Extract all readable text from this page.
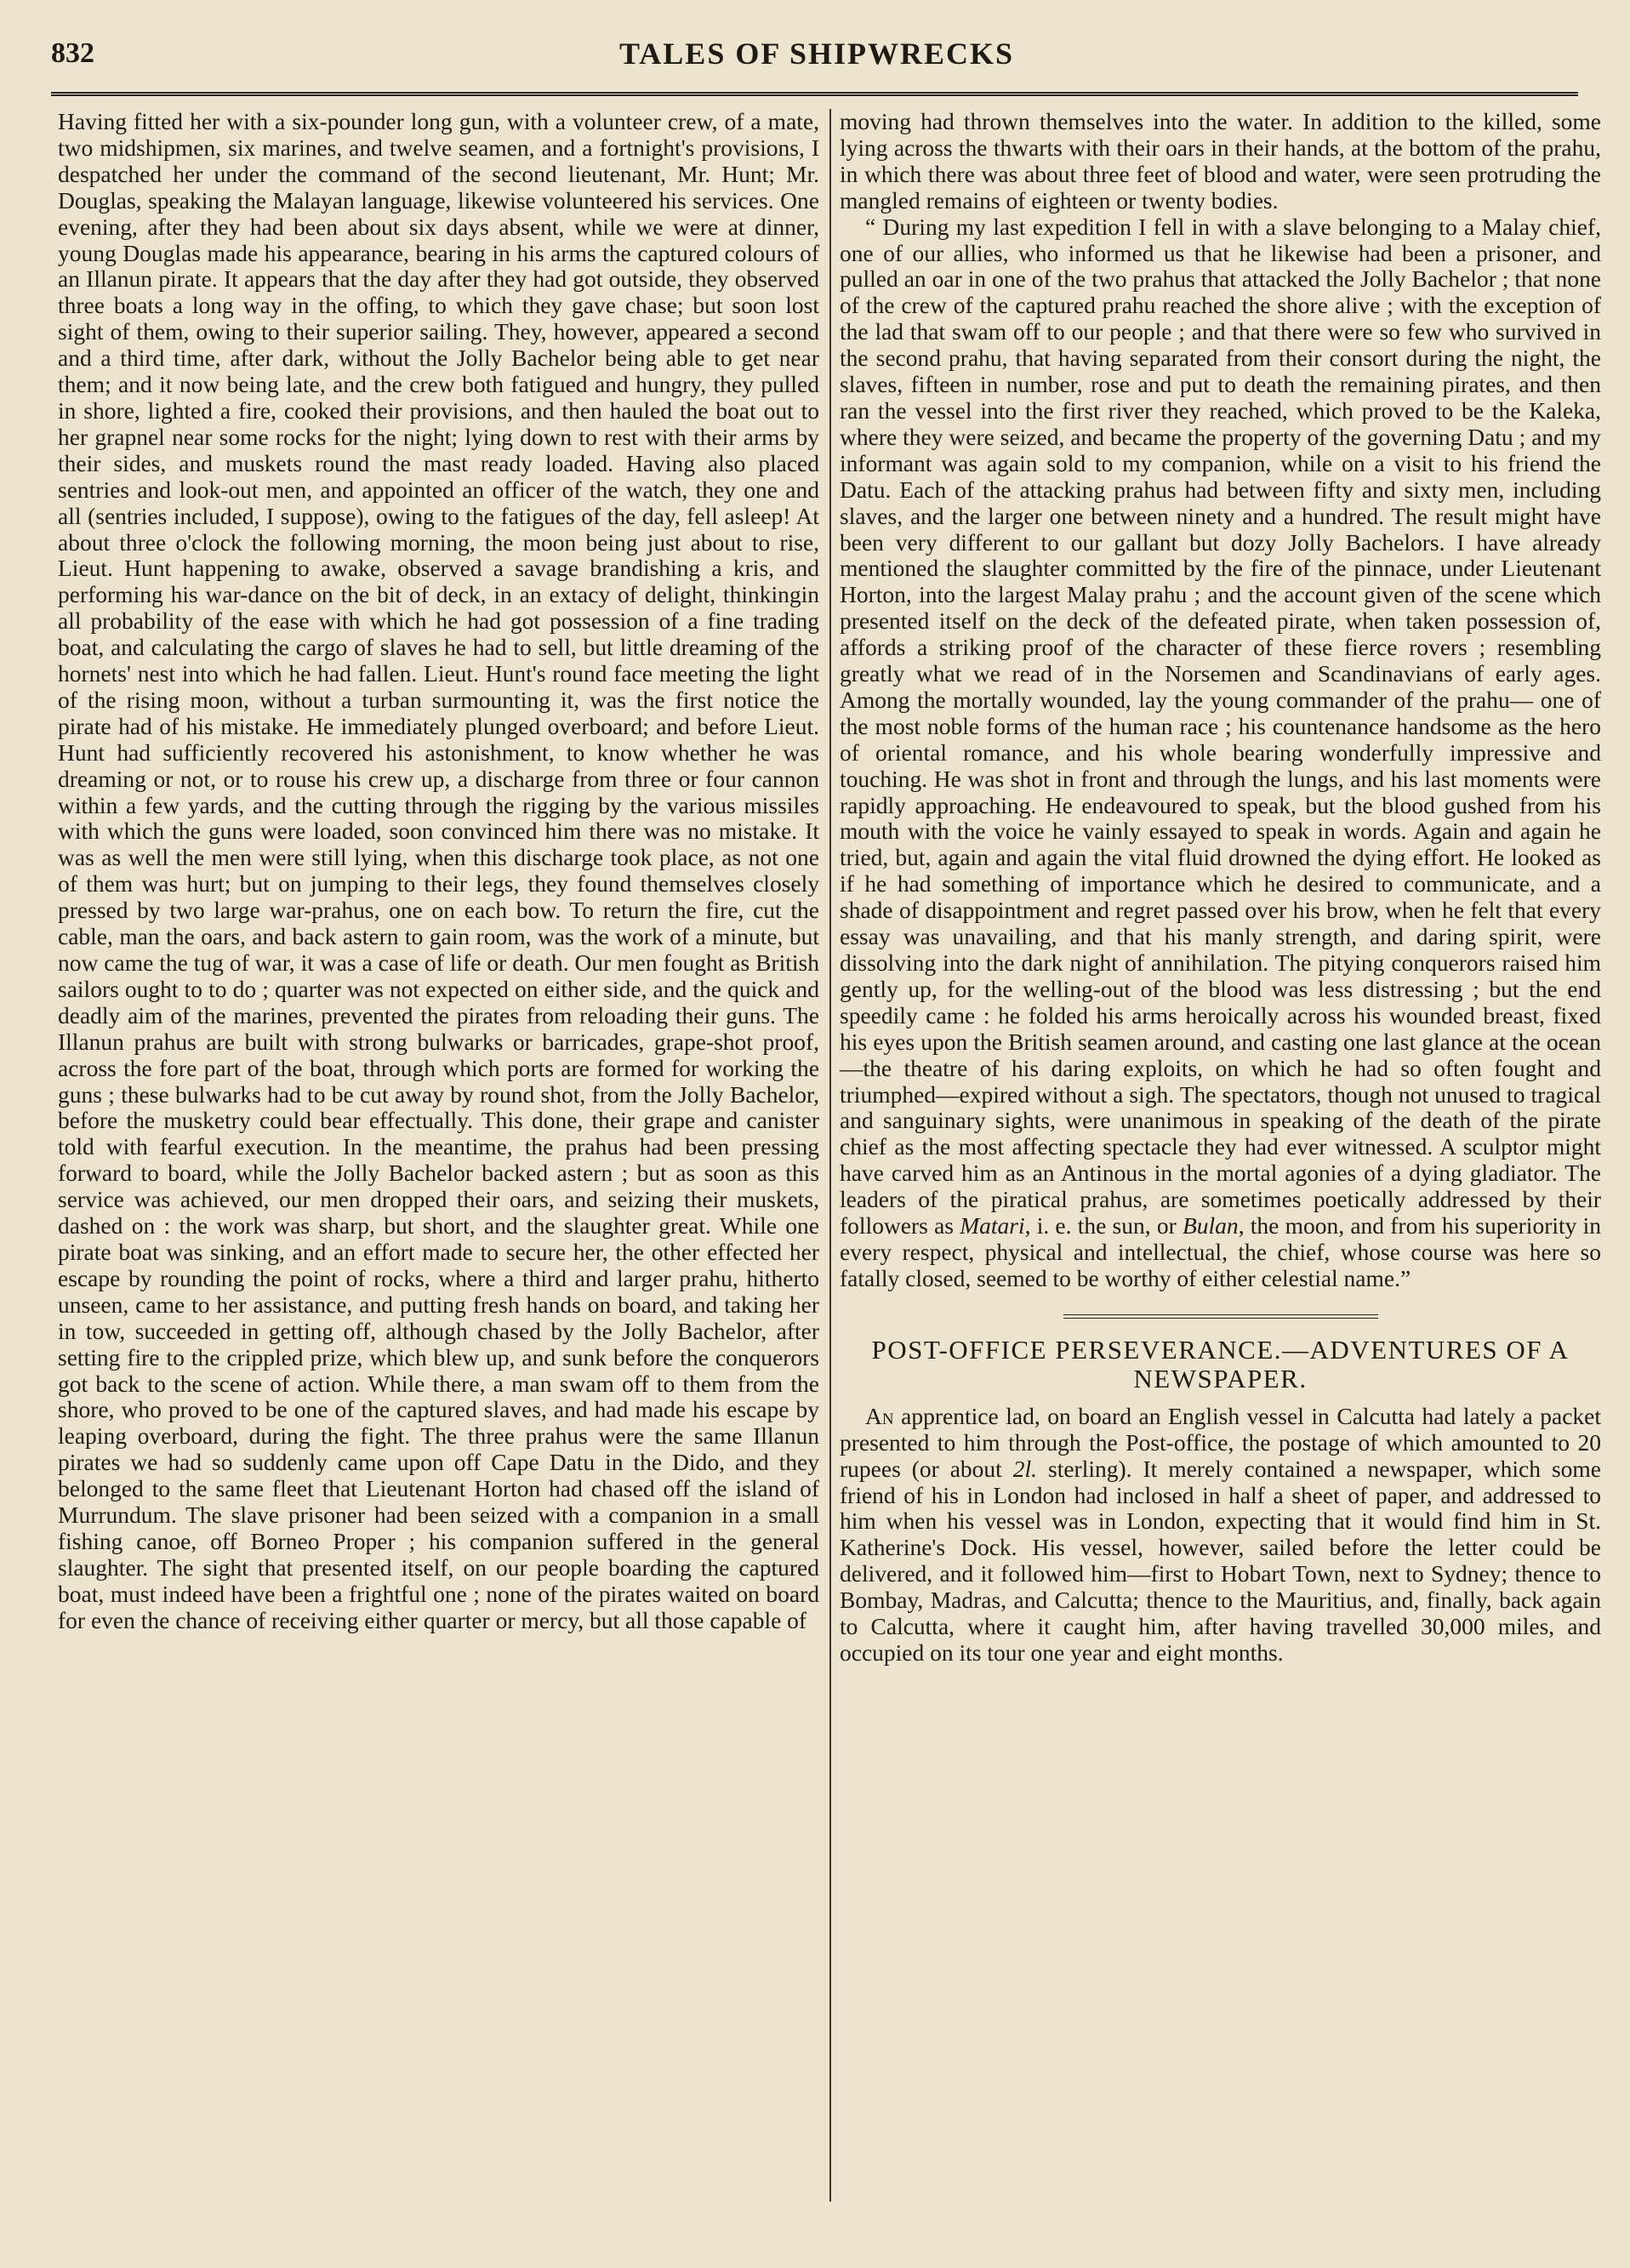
832	TALES OF SHIPWRECKS

Having fitted her with a six-pounder long gun, with a volunteer crew, of a mate, two midshipmen, six marines, and twelve seamen, and a fortnight's provisions, I despatched her under the command of the second lieutenant, Mr. Hunt; Mr. Douglas, speaking the Malayan language, likewise volunteered his services. One evening, after they had been about six days absent, while we were at dinner, young Douglas made his appearance, bearing in his arms the captured colours of an Illanun pirate. It appears that the day after they had got outside, they observed three boats a long way in the offing, to which they gave chase; but soon lost sight of them, owing to their superior sailing. They, however, appeared a second and a third time, after dark, without the Jolly Bachelor being able to get near them; and it now being late, and the crew both fatigued and hungry, they pulled in shore, lighted a fire, cooked their provisions, and then hauled the boat out to her grapnel near some rocks for the night; lying down to rest with their arms by their sides, and muskets round the mast ready loaded. Having also placed sentries and look-out men, and appointed an officer of the watch, they one and all (sentries included, I suppose), owing to the fatigues of the day, fell asleep! At about three o'clock the following morning, the moon being just about to rise, Lieut. Hunt happening to awake, observed a savage brandishing a kris, and performing his war-dance on the bit of deck, in an extacy of delight, thinkingin all probability of the ease with which he had got possession of a fine trading boat, and calculating the cargo of slaves he had to sell, but little dreaming of the hornets' nest into which he had fallen. Lieut. Hunt's round face meeting the light of the rising moon, without a turban surmounting it, was the first notice the pirate had of his mistake. He immediately plunged overboard; and before Lieut. Hunt had sufficiently recovered his astonishment, to know whether he was dreaming or not, or to rouse his crew up, a discharge from three or four cannon within a few yards, and the cutting through the rigging by the various missiles with which the guns were loaded, soon convinced him there was no mistake. It was as well the men were still lying, when this discharge took place, as not one of them was hurt; but on jumping to their legs, they found themselves closely pressed by two large war-prahus, one on each bow. To return the fire, cut the cable, man the oars, and back astern to gain room, was the work of a minute, but now came the tug of war, it was a case of life or death. Our men fought as British sailors ought to to do ; quarter was not expected on either side, and the quick and deadly aim of the marines, prevented the pirates from reloading their guns. The Illanun prahus are built with strong bulwarks or barricades, grape-shot proof, across the fore part of the boat, through which ports are formed for working the guns ; these bulwarks had to be cut away by round shot, from the Jolly Bachelor, before the musketry could bear effectually. This done, their grape and canister told with fearful execution. In the meantime, the prahus had been pressing forward to board, while the Jolly Bachelor backed astern ; but as soon as this service was achieved, our men dropped their oars, and seizing their muskets, dashed on : the work was sharp, but short, and the slaughter great. While one pirate boat was sinking, and an effort made to secure her, the other effected her escape by rounding the point of rocks, where a third and larger prahu, hitherto unseen, came to her assistance, and putting fresh hands on board, and taking her in tow, succeeded in getting off, although chased by the Jolly Bachelor, after setting fire to the crippled prize, which blew up, and sunk before the conquerors got back to the scene of action. While there, a man swam off to them from the shore, who proved to be one of the captured slaves, and had made his escape by leaping overboard, during the fight. The three prahus were the same Illanun pirates we had so suddenly came upon off Cape Datu in the Dido, and they belonged to the same fleet that Lieutenant Horton had chased off the island of Murrundum. The slave prisoner had been seized with a companion in a small fishing canoe, off Borneo Proper ; his companion suffered in the general slaughter. The sight that presented itself, on our people boarding the captured boat, must indeed have been a frightful one ; none of the pirates waited on board for even the chance of receiving either quarter or mercy, but all those capable of

moving had thrown themselves into the water. In addition to the killed, some lying across the thwarts with their oars in their hands, at the bottom of the prahu, in which there was about three feet of blood and water, were seen protruding the mangled remains of eighteen or twenty bodies.

“ During my last expedition I fell in with a slave belonging to a Malay chief, one of our allies, who informed us that he likewise had been a prisoner, and pulled an oar in one of the two prahus that attacked the Jolly Bachelor ; that none of the crew of the captured prahu reached the shore alive ; with the exception of the lad that swam off to our people ; and that there were so few who survived in the second prahu, that having separated from their consort during the night, the slaves, fifteen in number, rose and put to death the remaining pirates, and then ran the vessel into the first river they reached, which proved to be the Kaleka, where they were seized, and became the property of the governing Datu ; and my informant was again sold to my companion, while on a visit to his friend the Datu. Each of the attacking prahus had between fifty and sixty men, including slaves, and the larger one between ninety and a hundred. The result might have been very different to our gallant but dozy Jolly Bachelors. I have already mentioned the slaughter committed by the fire of the pinnace, under Lieutenant Horton, into the largest Malay prahu ; and the account given of the scene which presented itself on the deck of the defeated pirate, when taken possession of, affords a striking proof of the character of these fierce rovers ; resembling greatly what we read of in the Norsemen and Scandinavians of early ages. Among the mortally wounded, lay the young commander of the prahu— one of the most noble forms of the human race ; his countenance handsome as the hero of oriental romance, and his whole bearing wonderfully impressive and touching. He was shot in front and through the lungs, and his last moments were rapidly approaching. He endeavoured to speak, but the blood gushed from his mouth with the voice he vainly essayed to speak in words. Again and again he tried, but, again and again the vital fluid drowned the dying effort. He looked as if he had something of importance which he desired to communicate, and a shade of disappointment and regret passed over his brow, when he felt that every essay was unavailing, and that his manly strength, and daring spirit, were dissolving into the dark night of annihilation. The pitying conquerors raised him gently up, for the welling-out of the blood was less distressing ; but the end speedily came : he folded his arms heroically across his wounded breast, fixed his eyes upon the British seamen around, and casting one last glance at the ocean—the theatre of his daring exploits, on which he had so often fought and triumphed—expired without a sigh. The spectators, though not unused to tragical and sanguinary sights, were unanimous in speaking of the death of the pirate chief as the most affecting spectacle they had ever witnessed. A sculptor might have carved him as an Antinous in the mortal agonies of a dying gladiator. The leaders of the piratical prahus, are sometimes poetically addressed by their followers as Matari, i. e. the sun, or Bulan, the moon, and from his superiority in every respect, physical and intellectual, the chief, whose course was here so fatally closed, seemed to be worthy of either celestial name.”

POST-OFFICE PERSEVERANCE.—ADVENTURES OF A NEWSPAPER.

An apprentice lad, on board an English vessel in Calcutta had lately a packet presented to him through the Post-office, the postage of which amounted to 20 rupees (or about 2l. sterling). It merely contained a newspaper, which some friend of his in London had inclosed in half a sheet of paper, and addressed to him when his vessel was in London, expecting that it would find him in St. Katherine's Dock. His vessel, however, sailed before the letter could be delivered, and it followed him—first to Hobart Town, next to Sydney; thence to Bombay, Madras, and Calcutta; thence to the Mauritius, and, finally, back again to Calcutta, where it caught him, after having travelled 30,000 miles, and occupied on its tour one year and eight months.
